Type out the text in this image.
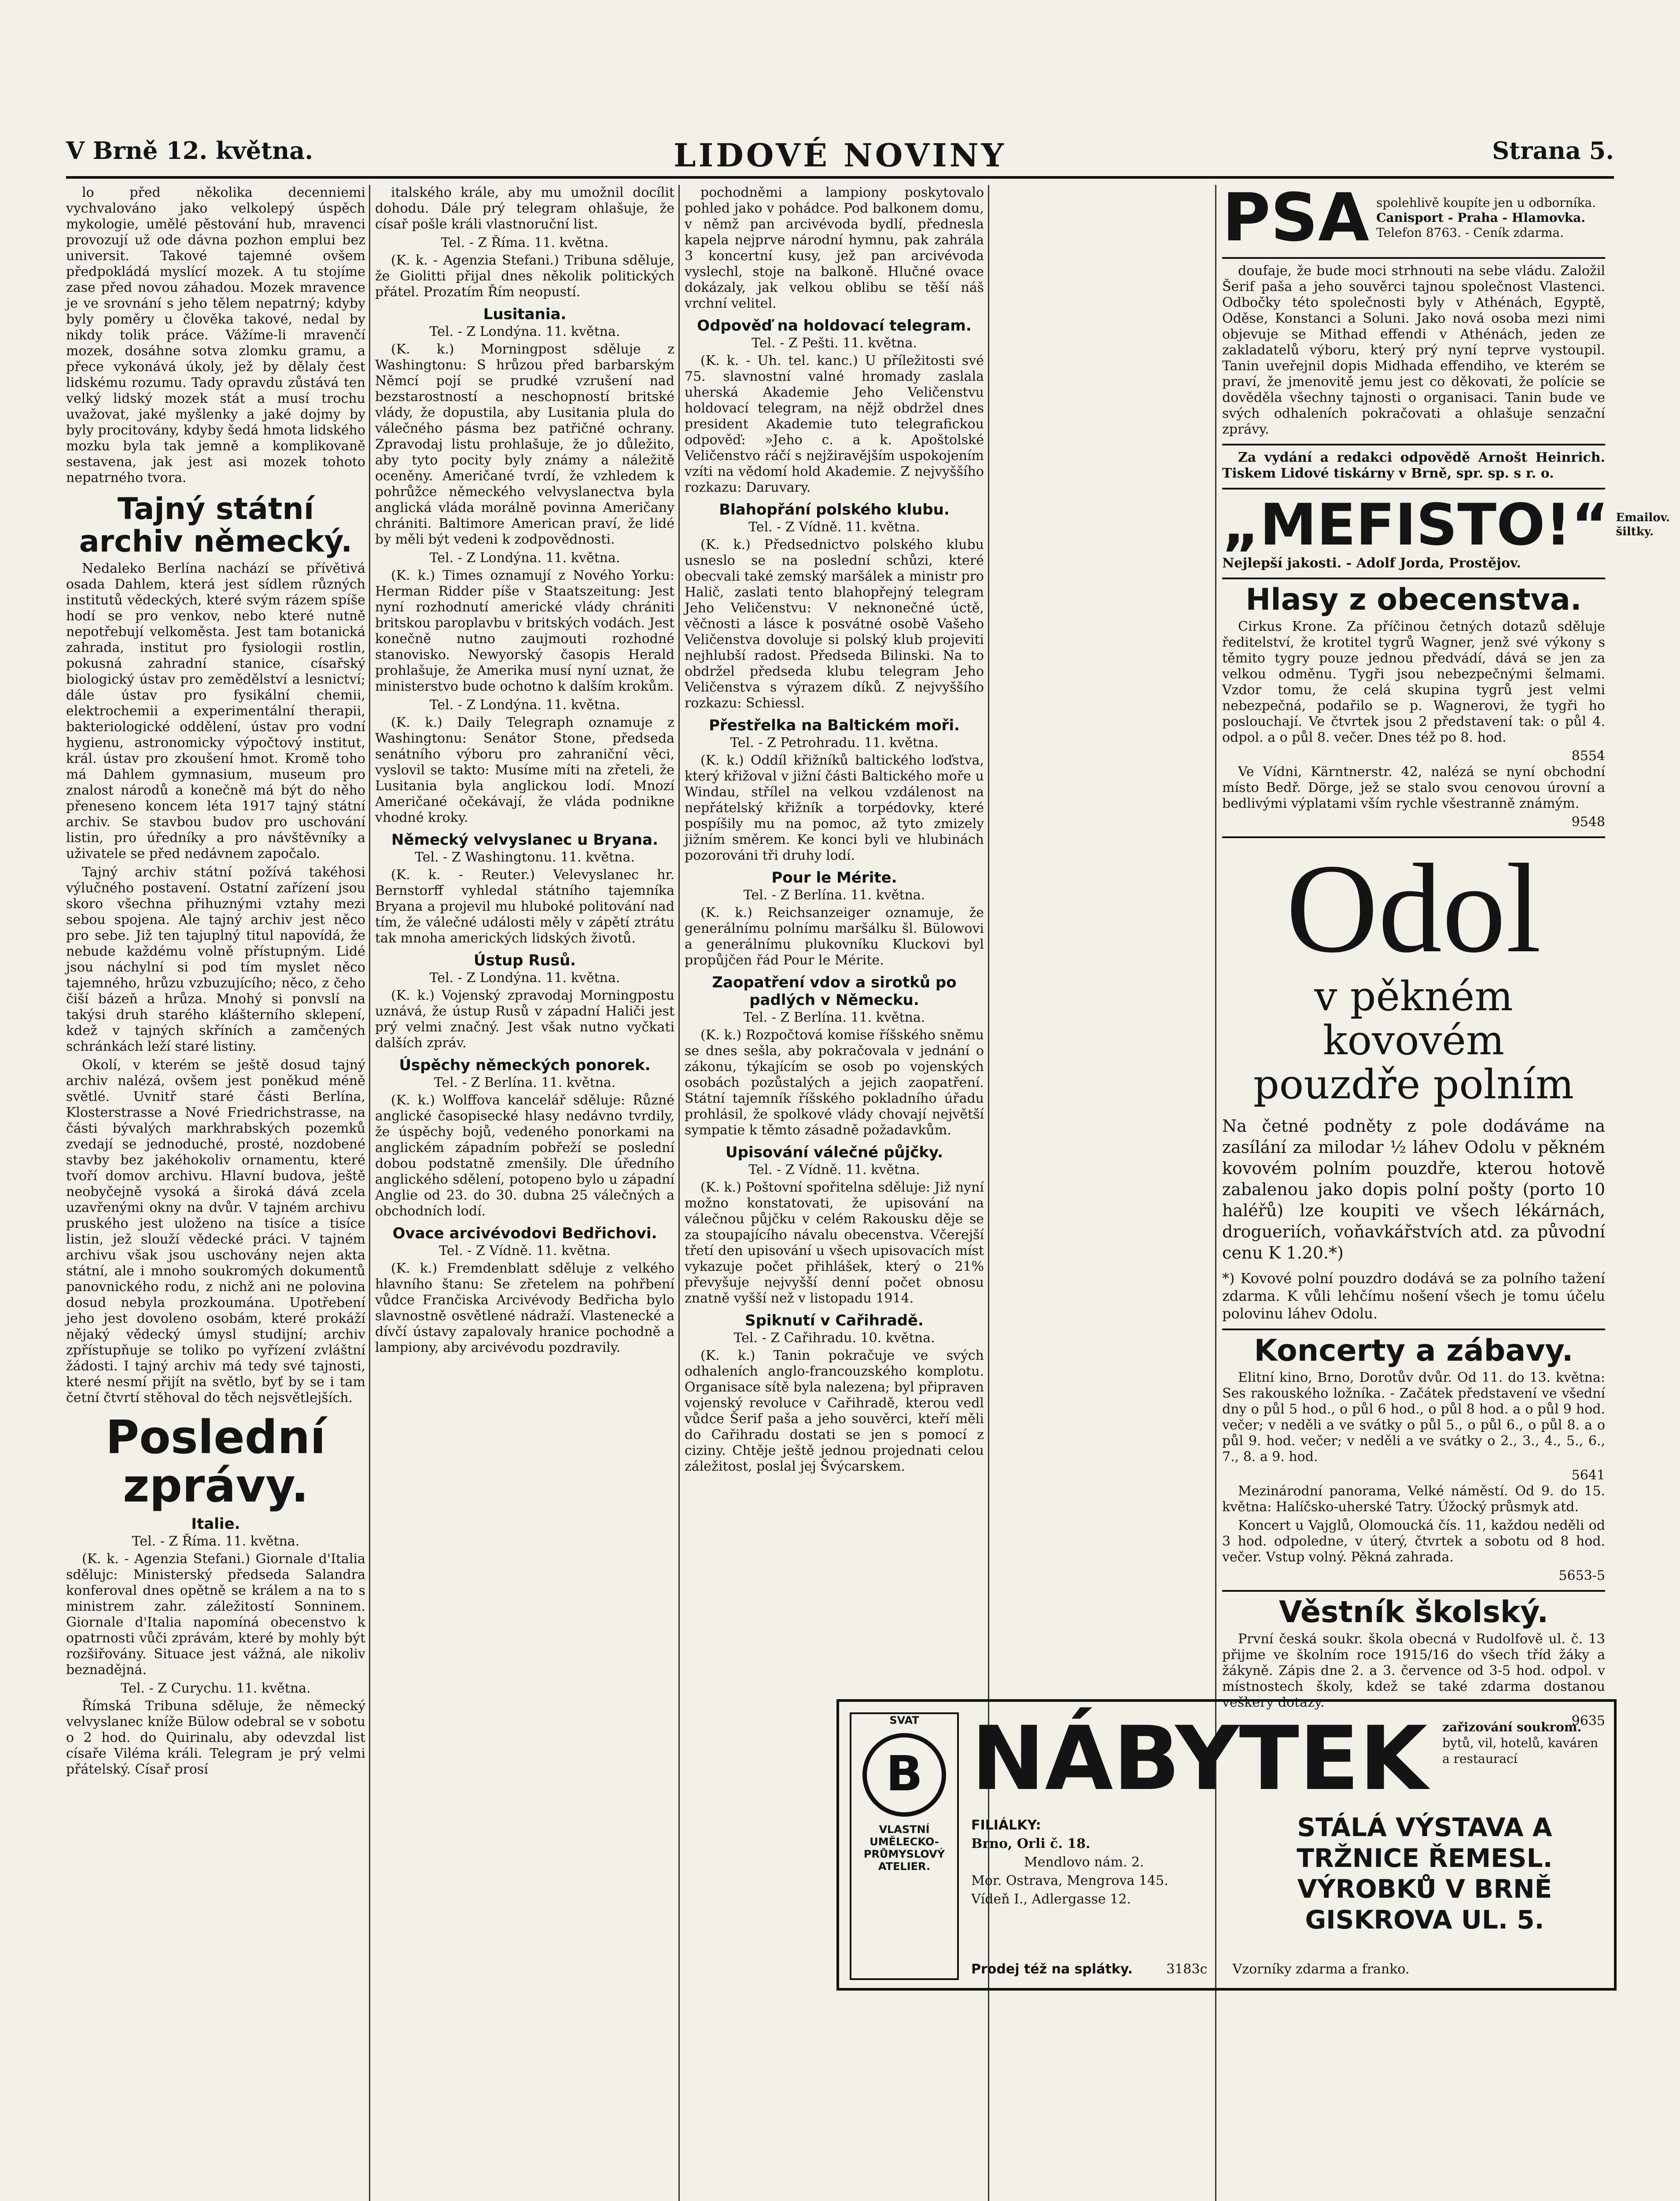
V Brně 12. května.	LIDOVÉ NOVINY	Strana 5.

lo před několika decenniemi vychvalováno jako velkolepý úspěch mykologie, umělé pěstování hub, mravenci provozují už ode dávna pozhon emplui bez universit. Takové tajemné ovšem předpokládá myslící mozek. A tu stojíme zase před novou záhadou. Mozek mravence je ve srovnání s jeho tělem nepatrný; kdyby byly poměry u člověka takové, nedal by nikdy tolik práce. Vážíme-li mravenčí mozek, dosáhne sotva zlomku gramu, a přece vykonává úkoly, jež by dělaly čest lidskému rozumu. Tady opravdu zůstává ten velký lidský mozek stát a musí trochu uvažovat, jaké myšlenky a jaké dojmy by byly procitovány, kdyby šedá hmota lidského mozku byla tak jemně a komplikovaně sestavena, jak jest asi mozek tohoto nepatrného tvora.

Tajný státní archiv německý.

Nedaleko Berlína nachází se přívětivá osada Dahlem, která jest sídlem různých institutů vědeckých, které svým rázem spíše hodí se pro venkov, nebo které nutně nepotřebují velkoměsta. Jest tam botanická zahrada, institut pro fysiologii rostlin, pokusná zahradní stanice, císařský biologický ústav pro zemědělství a lesnictví; dále ústav pro fysikální chemii, elektrochemii a experimentální therapii, bakteriologické oddělení, ústav pro vodní hygienu, astronomicky výpočtový institut, král. ústav pro zkoušení hmot. Kromě toho má Dahlem gymnasium, museum pro znalost národů a konečně má být do něho přeneseno koncem léta 1917 tajný státní archiv. Se stavbou budov pro uschování listin, pro úředníky a pro návštěvníky a uživatele se před nedávnem započalo.

Tajný archiv státní požívá takéhosi výlučného postavení. Ostatní zařízení jsou skoro všechna přihuznými vztahy mezi sebou spojena. Ale tajný archiv jest něco pro sebe. Již ten tajuplný titul napovídá, že nebude každému volně přístupným. Lidé jsou náchylní si pod tím myslet něco tajemného, hrůzu vzbuzujícího; něco, z čeho čiší bázeň a hrůza. Mnohý si ponvslí na takýsi druh starého klášterního sklepení, kdež v tajných skříních a zamčených schránkách leží staré listiny.

Okolí, v kterém se ještě dosud tajný archiv nalézá, ovšem jest poněkud méně světlé. Uvnitř staré části Berlína, Klosterstrasse a Nové Friedrichstrasse, na části bývalých markhrabských pozemků zvedají se jednoduché, prosté, nozdobené stavby bez jakéhokoliv ornamentu, které tvoří domov archivu. Hlavní budova, ještě neobyčejně vysoká a široká dává zcela uzavřenými okny na dvůr. V tajném archivu pruského jest uloženo na tisíce a tisíce listin, jež slouží vědecké práci. V tajném archivu však jsou uschovány nejen akta státní, ale i mnoho soukromých dokumentů panovnického rodu, z nichž ani ne polovina dosud nebyla prozkoumána. Upotřebení jeho jest dovoleno osobám, které prokáží nějaký vědecký úmysl studijní; archiv zpřístupňuje se toliko po vyřízení zvláštní žádosti. I tajný archiv má tedy své tajnosti, které nesmí přijít na světlo, byť by se i tam četní čtvrtí stěhoval do těch nejsvětlejších.

Poslední zprávy.
Italie.
Tel. - Z Říma. 11. května.

(K. k. - Agenzia Stefani.) Giornale d'Italia sdělujc: Ministerský předseda Salandra konferoval dnes opětně se králem a na to s ministrem zahr. záležitostí Sonninem. Giornale d'Italia napomíná obecenstvo k opatrnosti vůči zprávám, které by mohly být rozšiřovány. Situace jest vážná, ale nikoliv beznadějná.

Tel. - Z Curychu. 11. května.

Římská Tribuna sděluje, že německý velvyslanec kníže Bülow odebral se v sobotu o 2 hod. do Quirinalu, aby odevzdal list císaře Viléma králi. Telegram je prý velmi přátelský. Císař prosí

italského krále, aby mu umožnil docílit dohodu. Dále prý telegram ohlašuje, že císař pošle králi vlastnoruční list.

Tel. - Z Říma. 11. května.

(K. k. - Agenzia Stefani.) Tribuna sděluje, že Giolitti přijal dnes několik politických přátel. Prozatím Řím neopustí.

Lusitania.
Tel. - Z Londýna. 11. května.

(K. k.) Morningpost sděluje z Washingtonu: S hrůzou před barbarským Němcí pojí se prudké vzrušení nad bezstarostností a neschopností britské vlády, že dopustila, aby Lusitania plula do válečného pásma bez patřičné ochrany. Zpravodaj listu prohlašuje, že jo důležito, aby tyto pocity byly známy a náležitě oceněny. Američané tvrdí, že vzhledem k pohrůžce německého velvyslanectva byla anglická vláda morálně povinna Američany chrániti. Baltimore American praví, že lidé by měli být vedeni k zodpovědnosti.

Tel. - Z Londýna. 11. května.

(K. k.) Times oznamují z Nového Yorku: Herman Ridder píše v Staatszeitung: Jest nyní rozhodnutí americké vlády chrániti britskou paroplavbu v britských vodách. Jest konečně nutno zaujmouti rozhodné stanovisko. Newyorský časopis Herald prohlašuje, že Amerika musí nyní uznat, že ministerstvo bude ochotno k dalším krokům.

Tel. - Z Londýna. 11. května.

(K. k.) Daily Telegraph oznamuje z Washingtonu: Senátor Stone, předseda senátního výboru pro zahraniční věci, vyslovil se takto: Musíme míti na zřeteli, že Lusitania byla anglickou lodí. Mnozí Američané očekávají, že vláda podnikne vhodné kroky.

Německý velvyslanec u Bryana.
Tel. - Z Washingtonu. 11. května.

(K. k. - Reuter.) Velevyslanec hr. Bernstorff vyhledal státního tajemníka Bryana a projevil mu hluboké politování nad tím, že válečné události měly v zápětí ztrátu tak mnoha amerických lidských životů.

Ústup Rusů.
Tel. - Z Londýna. 11. května.

(K. k.) Vojenský zpravodaj Morningpostu uznává, že ústup Rusů v západní Haliči jest prý velmi značný. Jest však nutno vyčkati dalších zpráv.

Úspěchy německých ponorek.
Tel. - Z Berlína. 11. května.

(K. k.) Wolffova kancelář sděluje: Různé anglické časopisecké hlasy nedávno tvrdily, že úspěchy bojů, vedeného ponorkami na anglickém západním pobřeží se poslední dobou podstatně zmenšily. Dle úředního anglického sdělení, potopeno bylo u západní Anglie od 23. do 30. dubna 25 válečných a obchodních lodí.

Ovace arcivévodovi Bedřichovi.
Tel. - Z Vídně. 11. května.

(K. k.) Fremdenblatt sděluje z velkého hlavního štanu: Se zřetelem na pohřbení vůdce Frančiska Arcivévody Bedřicha bylo slavnostně osvětlené nádraží. Vlastenecké a dívčí ústavy zapalovaly hranice pochodně a lampiony, aby arcivévodu pozdravily.

pochodněmi a lampiony poskytovalo pohled jako v pohádce. Pod balkonem domu, v němž pan arcivévoda bydlí, přednesla kapela nejprve národní hymnu, pak zahrála 3 koncertní kusy, jež pan arcivévoda vyslechl, stoje na balkoně. Hlučné ovace dokázaly, jak velkou oblibu se těší náš vrchní velitel.

Odpověď na holdovací telegram.
Tel. - Z Pešti. 11. května.

(K. k. - Uh. tel. kanc.) U příležitosti své 75. slavnostní valné hromady zaslala uherská Akademie Jeho Veličenstvu holdovací telegram, na nějž obdržel dnes president Akademie tuto telegrafickou odpověď: »Jeho c. a k. Apoštolské Veličenstvo ráčí s nejžiravějším uspokojením vzíti na vědomí hold Akademie. Z nejvyššího rozkazu: Daruvary.

Blahopřání polského klubu.
Tel. - Z Vídně. 11. května.

(K. k.) Předsednictvo polského klubu usneslo se na poslední schůzi, které obecvali také zemský maršálek a ministr pro Halič, zaslati tento blahopřejný telegram Jeho Veličenstvu: V neknonečné úctě, věčnosti a lásce k posvátné osobě Vašeho Veličenstva dovoluje si polský klub projeviti nejhlubší radost. Předseda Bilinski. Na to obdržel předseda klubu telegram Jeho Veličenstva s výrazem díků. Z nejvyššího rozkazu: Schiessl.

Přestřelka na Baltickém moři.
Tel. - Z Petrohradu. 11. května.

(K. k.) Oddíl křižníků baltického loďstva, který křižoval v jižní části Baltického moře u Windau, střílel na velkou vzdálenost na nepřátelský křižník a torpédovky, které pospíšily mu na pomoc, až tyto zmizely jižním směrem. Ke konci byli ve hlubinách pozorováni tři druhy lodí.

Pour le Mérite.
Tel. - Z Berlína. 11. května.

(K. k.) Reichsanzeiger oznamuje, že generálnímu polnímu maršálku šl. Bülowovi a generálnímu plukovníku Kluckovi byl propůjčen řád Pour le Mérite.

Zaopatření vdov a sirotků po padlých v Německu.
Tel. - Z Berlína. 11. května.

(K. k.) Rozpočtová komise říšského sněmu se dnes sešla, aby pokračovala v jednání o zákonu, týkajícím se osob po vojenských osobách pozůstalých a jejich zaopatření. Státní tajemník říšského pokladního úřadu prohlásil, že spolkové vlády chovají největší sympatie k těmto zásadně požadavkům.

Upisování válečné půjčky.
Tel. - Z Vídně. 11. května.

(K. k.) Poštovní spořitelna sděluje: Již nyní možno konstatovati, že upisování na válečnou půjčku v celém Rakousku děje se za stoupajícího návalu obecenstva. Včerejší třetí den upisování u všech upisovacích míst vykazuje počet přihlášek, který o 21% převyšuje nejvyšší denní počet obnosu znatně vyšší než v listopadu 1914.

Spiknutí v Cařihradě.
Tel. - Z Cařihradu. 10. května.

(K. k.) Tanin pokračuje ve svých odhaleních anglo-francouzského komplotu. Organisace sítě byla nalezena; byl připraven vojenský revoluce v Cařihradě, kterou vedl vůdce Šerif paša a jeho souvěrci, kteří měli do Cařihradu dostati se jen s pomocí z ciziny. Chtěje ještě jednou projednati celou záležitost, poslal jej Švýcarskem.

PSA spolehlivě koupíte jen u odborníka.
Canisport - Praha - Hlamovka.
Telefon 8763. - Ceník zdarma.

doufaje, že bude moci strhnouti na sebe vládu. Založil Šerif paša a jeho souvěrci tajnou společnost Vlastenci. Odbočky této společnosti byly v Athénách, Egyptě, Oděse, Konstanci a Soluni. Jako nová osoba mezi nimi objevuje se Mithad effendi v Athénách, jeden ze zakladatelů výboru, který prý nyní teprve vystoupil. Tanin uveřejnil dopis Midhada effendiho, ve kterém se praví, že jmenovitě jemu jest co děkovati, že polície se dověděla všechny tajnosti o organisaci. Tanin bude ve svých odhaleních pokračovati a ohlašuje senzační zprávy.

Za vydání a redakci odpovědě Arnošt Heinrich. Tiskem Lidové tiskárny v Brně, spr. sp. s r. o.

„MEFISTO!“ Emailov. šiltky.
Nejlepší jakosti. - Adolf Jorda, Prostějov.
Hlasy z obecenstva.

Cirkus Krone. Za příčinou četných dotazů sděluje ředitelství, že krotitel tygrů Wagner, jenž své výkony s těmito tygry pouze jednou předvádí, dává se jen za velkou odměnu. Tygři jsou nebezpečnými šelmami. Vzdor tomu, že celá skupina tygrů jest velmi nebezpečná, podařilo se p. Wagnerovi, že tygři ho poslouchají. Ve čtvrtek jsou 2 představení tak: o půl 4. odpol. a o půl 8. večer. Dnes též po 8. hod.

8554

Ve Vídni, Kärntnerstr. 42, nalézá se nyní obchodní místo Bedř. Dörge, jež se stalo svou cenovou úrovní a bedlivými výplatami vším rychle všestranně známým.

9548
Odol
v pěkném kovovém
pouzdře polním
Na četné podněty z pole dodáváme na zasílání za milodar ½ láhev Odolu v pěkném kovovém polním pouzdře, kterou hotově zabalenou jako dopis polní pošty (porto 10 haléřů) lze koupiti ve všech lékárnách, drogueriích, voňavkářstvích atd. za původní cenu K 1.20.*)
*) Kovové polní pouzdro dodává se za polního tažení zdarma. K vůli lehčímu nošení všech je tomu účelu polovinu láhev Odolu.
Koncerty a zábavy.

Elitní kino, Brno, Dorotův dvůr. Od 11. do 13. května: Ses rakouského ložníka. - Začátek představení ve všední dny o půl 5 hod., o půl 6 hod., o půl 8 hod. a o půl 9 hod. večer; v neděli a ve svátky o půl 5., o půl 6., o půl 8. a o půl 9. hod. večer; v neděli a ve svátky o 2., 3., 4., 5., 6., 7., 8. a 9. hod.

5641

Mezinárodní panorama, Velké náměstí. Od 9. do 15. května: Halíčsko-uherské Tatry. Úžocký průsmyk atd.

Koncert u Vajglů, Olomoucká čís. 11, každou neděli od 3 hod. odpoledne, v úterý, čtvrtek a sobotu od 8 hod. večer. Vstup volný. Pěkná zahrada.

5653-5
Věstník školský.

První česká soukr. škola obecná v Rudolfově ul. č. 13 přijme ve školním roce 1915/16 do všech tříd žáky a žákyně. Zápis dne 2. a 3. července od 3-5 hod. odpol. v místnostech školy, kdež se také zdarma dostanou veškery dotazy.

9635
SVAT
B
VLASTNÍ UMĚLECKO-PRŮMYSLOVÝ ATELIER.
NÁBYTEK zařizování soukrom.
bytů, vil, hotelů, kaváren a restaurací
FILIÁLKY:
Brno, Orli č. 18.
Mendlovo nám. 2.
Mor. Ostrava, Mengrova 145.
Vídeň I., Adlergasse 12.
STÁLÁ VÝSTAVA A TRŽNICE ŘEMESL. VÝROBKŮ V BRNĚ GISKROVA UL. 5.
Prodej též na splátky.	3183c Vzorníky zdarma a franko.
